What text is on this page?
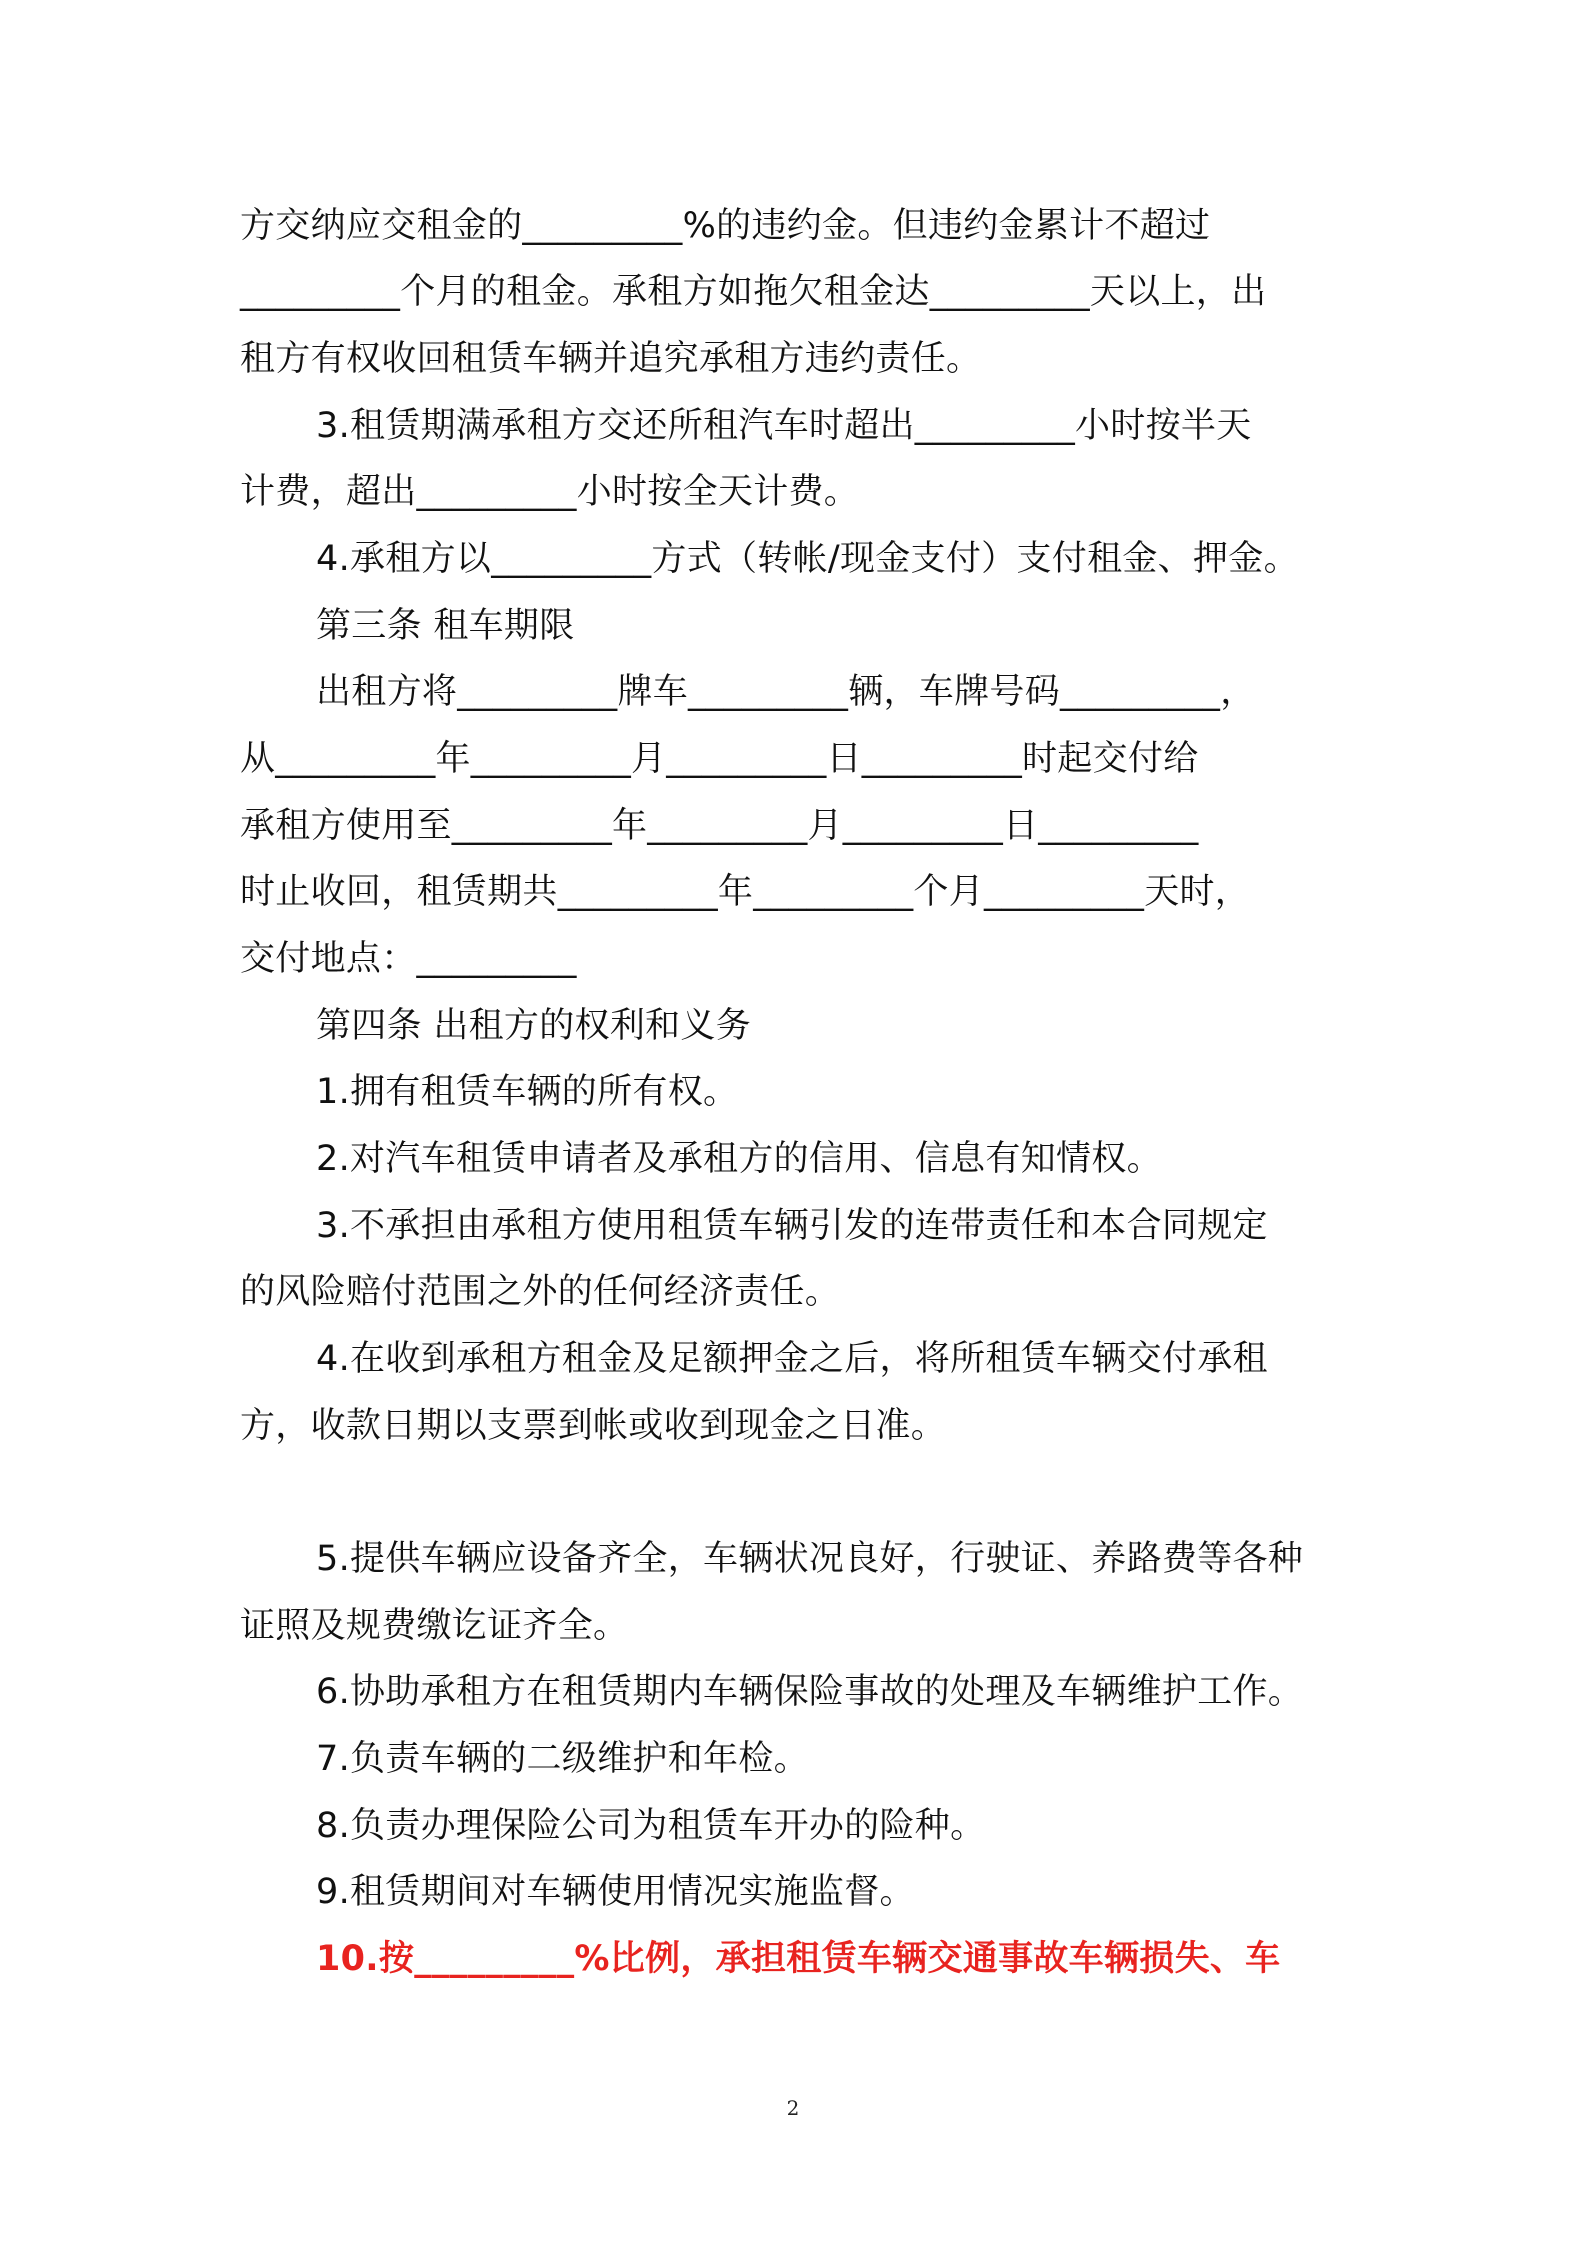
方交纳应交租金的_________%的违约金。但违约金累计不超过
_________个月的租金。承租方如拖欠租金达_________天以上，出
租方有权收回租赁车辆并追究承租方违约责任。
3.租赁期满承租方交还所租汽车时超出_________小时按半天
计费，超出_________小时按全天计费。
4.承租方以_________方式（转帐/现金支付）支付租金、押金。
第三条 租车期限
出租方将_________牌车_________辆，车牌号码_________，
从_________年_________月_________日_________时起交付给
承租方使用至_________年_________月_________日_________
时止收回，租赁期共_________年_________个月_________天时，
交付地点：_________
第四条 出租方的权利和义务
1.拥有租赁车辆的所有权。
2.对汽车租赁申请者及承租方的信用、信息有知情权。
3.不承担由承租方使用租赁车辆引发的连带责任和本合同规定
的风险赔付范围之外的任何经济责任。
4.在收到承租方租金及足额押金之后，将所租赁车辆交付承租
方，收款日期以支票到帐或收到现金之日准。
5.提供车辆应设备齐全，车辆状况良好，行驶证、养路费等各种
证照及规费缴讫证齐全。
6.协助承租方在租赁期内车辆保险事故的处理及车辆维护工作。
7.负责车辆的二级维护和年检。
8.负责办理保险公司为租赁车开办的险种。
9.租赁期间对车辆使用情况实施监督。
10.按_________%比例，承担租赁车辆交通事故车辆损失、车
2
